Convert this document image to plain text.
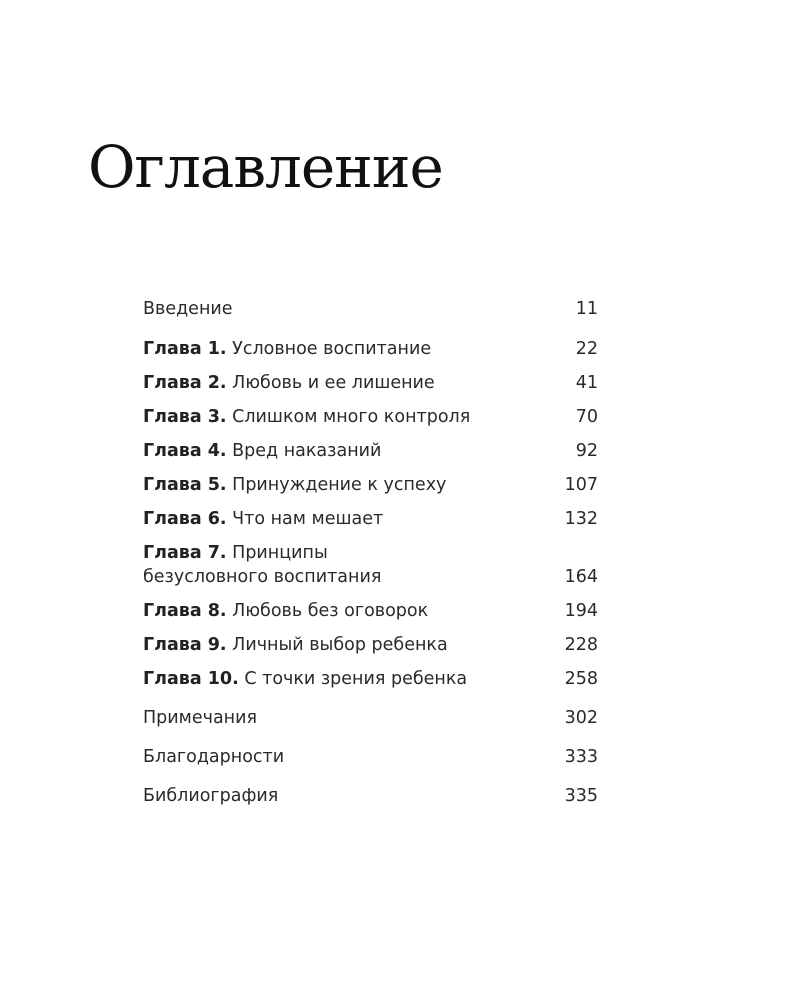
Оглавление
Введение	11
Глава 1. Условное воспитание	22
Глава 2. Любовь и ее лишение	41
Глава 3. Слишком много контроля	70
Глава 4. Вред наказаний	92
Глава 5. Принуждение к успеху	107
Глава 6. Что нам мешает	132
Глава 7. Принципы
безусловного воспитания	164
Глава 8. Любовь без оговорок	194
Глава 9. Личный выбор ребенка	228
Глава 10. С точки зрения ребенка	258
Примечания	302
Благодарности	333
Библиография	335
